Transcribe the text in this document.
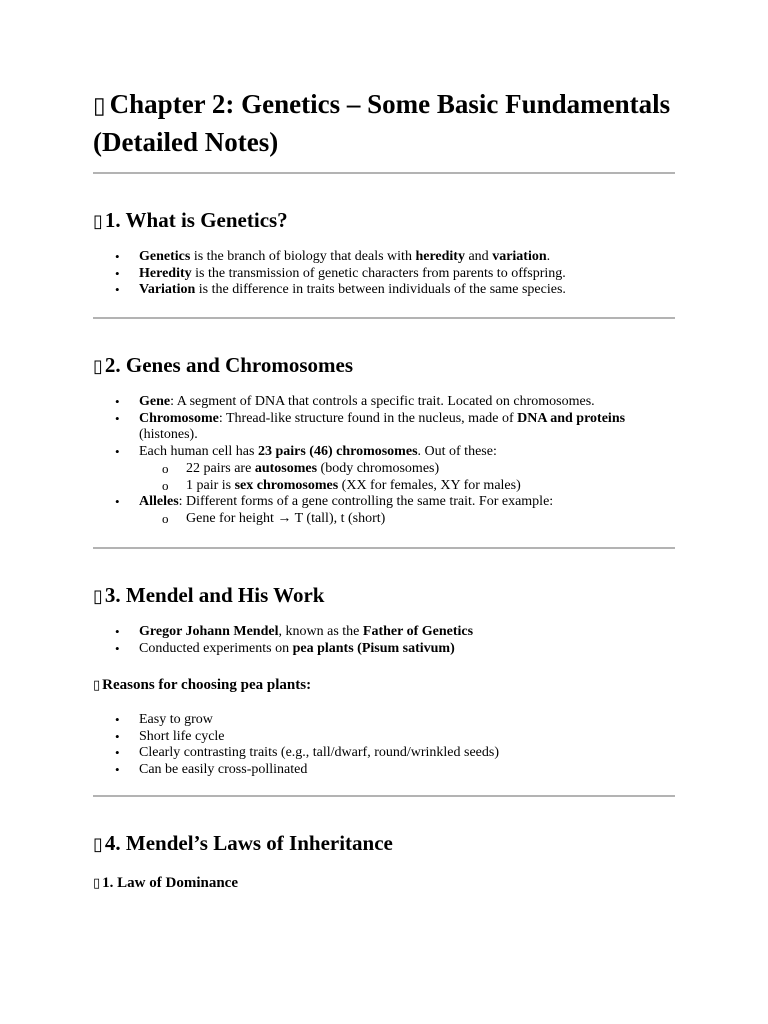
▯ Chapter 2: Genetics – Some Basic Fundamentals (Detailed Notes)
▯1. What is Genetics?
• Genetics is the branch of biology that deals with heredity and variation.
• Heredity is the transmission of genetic characters from parents to offspring.
• Variation is the difference in traits between individuals of the same species.
▯2. Genes and Chromosomes
• Gene: A segment of DNA that controls a specific trait. Located on chromosomes.
• Chromosome: Thread-like structure found in the nucleus, made of DNA and proteins (histones).
• Each human cell has 23 pairs (46) chromosomes. Out of these:
o 22 pairs are autosomes (body chromosomes)
o 1 pair is sex chromosomes (XX for females, XY for males)
• Alleles: Different forms of a gene controlling the same trait. For example:
o Gene for height → T (tall), t (short)
▯3. Mendel and His Work
• Gregor Johann Mendel, known as the Father of Genetics
• Conducted experiments on pea plants (Pisum sativum)
▯ Reasons for choosing pea plants:
• Easy to grow
• Short life cycle
• Clearly contrasting traits (e.g., tall/dwarf, round/wrinkled seeds)
• Can be easily cross-pollinated
▯4. Mendel’s Laws of Inheritance
▯ 1. Law of Dominance
